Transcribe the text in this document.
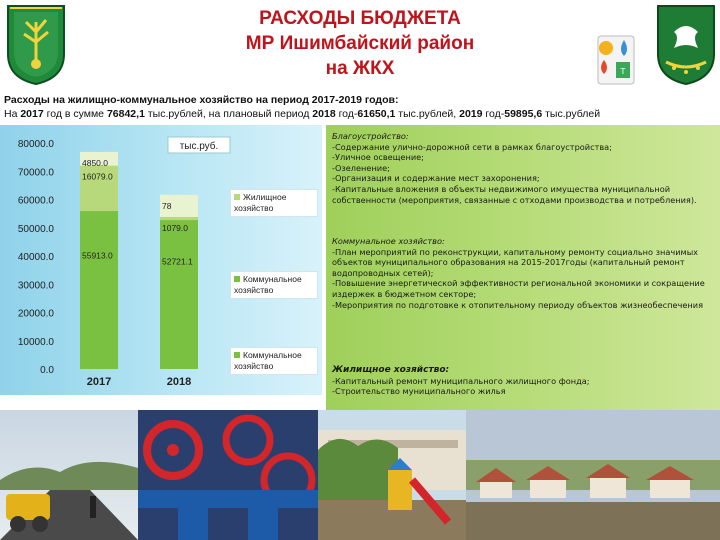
РАСХОДЫ БЮДЖЕТА
МР Ишимбайский район
на ЖКХ	T
Расходы на жилищно-коммунальное хозяйство на период 2017-2019 годов:
На 2017 год в сумме 76842,1 тыс.рублей, на плановый период 2018 год-61650,1 тыс.рублей, 2019 год-59895,6 тыс.рублей
80000.0
70000.0
60000.0
50000.0
40000.0
30000.0
20000.0
10000.0
0.0
тыс.руб.
55913.0
16079.0
4850.0
2017
52721.1
1079.0
78
2018
Жилищное хозяйство
Коммунальное хозяйство
Коммунальное хозяйство
Благоустройство:
-Содержание улично-дорожной сети в рамках благоустройства;
-Уличное освещение;
-Озеленение;
-Организация и содержание мест захоронения;
-Капитальные вложения в объекты недвижимого имущества муниципальной собственности (мероприятия, связанные с отходами производства и потребления).
Коммунальное хозяйство:
-План мероприятий по реконструкции, капитальному ремонту социально значимых объектов муниципального образования на 2015-2017годы (капитальный ремонт водопроводных сетей);
-Повышение энергетической эффективности региональной экономики и сокращение издержек в бюджетном секторе;
-Мероприятия по подготовке к отопительному периоду объектов жизнеобеспечения
Жилищное хозяйство:
-Капитальный ремонт муниципального жилищного фонда;
-Строительство муниципального жилья
